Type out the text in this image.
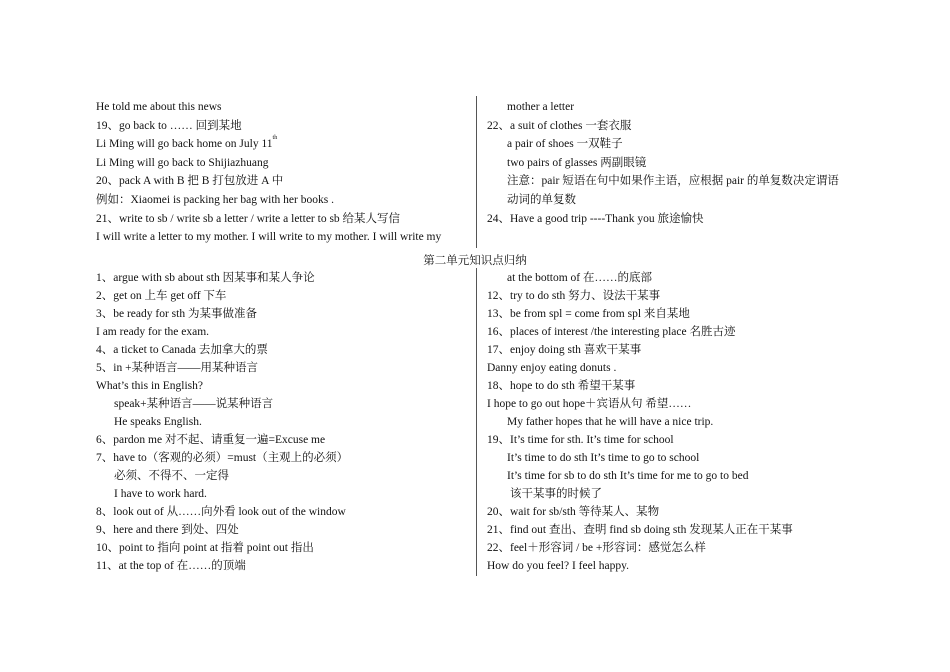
He told me about this news
19、go back to …… 回到某地
Li Ming will go back home on July 11th
Li Ming will go back to Shijiazhuang
20、pack A with B 把 B 打包放进 A 中
例如：Xiaomei is packing her bag with her books .
21、write to sb / write sb a letter / write a letter to sb 给某人写信
I will write a letter to my mother. I will write to my mother. I will write my
mother a letter
22、a suit of clothes 一套衣服
a pair of shoes 一双鞋子
two pairs of glasses 两副眼镜
注意：pair 短语在句中如果作主语，应根据 pair 的单复数决定谓语
动词的单复数
24、Have a good trip ----Thank you 旅途愉快
第二单元知识点归纳
1、argue with sb about sth 因某事和某人争论
2、get on 上车 get off 下车
3、be ready for sth 为某事做准备
I am ready for the exam.
4、a ticket to Canada 去加拿大的票
5、in +某种语言——用某种语言
What’s this in English?
speak+某种语言——说某种语言
He speaks English.
6、pardon me 对不起、请重复一遍=Excuse me
7、have to（客观的必须）=must（主观上的必须）
必须、不得不、一定得
I have to work hard.
8、look out of 从……向外看 look out of the window
9、here and there 到处、四处
10、point to 指向 point at 指着 point out 指出
11、at the top of 在……的顶端
at the bottom of 在……的底部
12、try to do sth 努力、设法干某事
13、be from spl = come from spl 来自某地
16、places of interest /the interesting place 名胜古迹
17、enjoy doing sth 喜欢干某事
Danny enjoy eating donuts .
18、hope to do sth 希望干某事
I hope to go out hope＋宾语从句 希望……
My father hopes that he will have a nice trip.
19、It’s time for sth. It’s time for school
It’s time to do sth It’s time to go to school
It’s time for sb to do sth It’s time for me to go to bed
该干某事的时候了
20、wait for sb/sth 等待某人、某物
21、find out 查出、查明 find sb doing sth 发现某人正在干某事
22、feel＋形容词 / be +形容词：感觉怎么样
How do you feel? I feel happy.
